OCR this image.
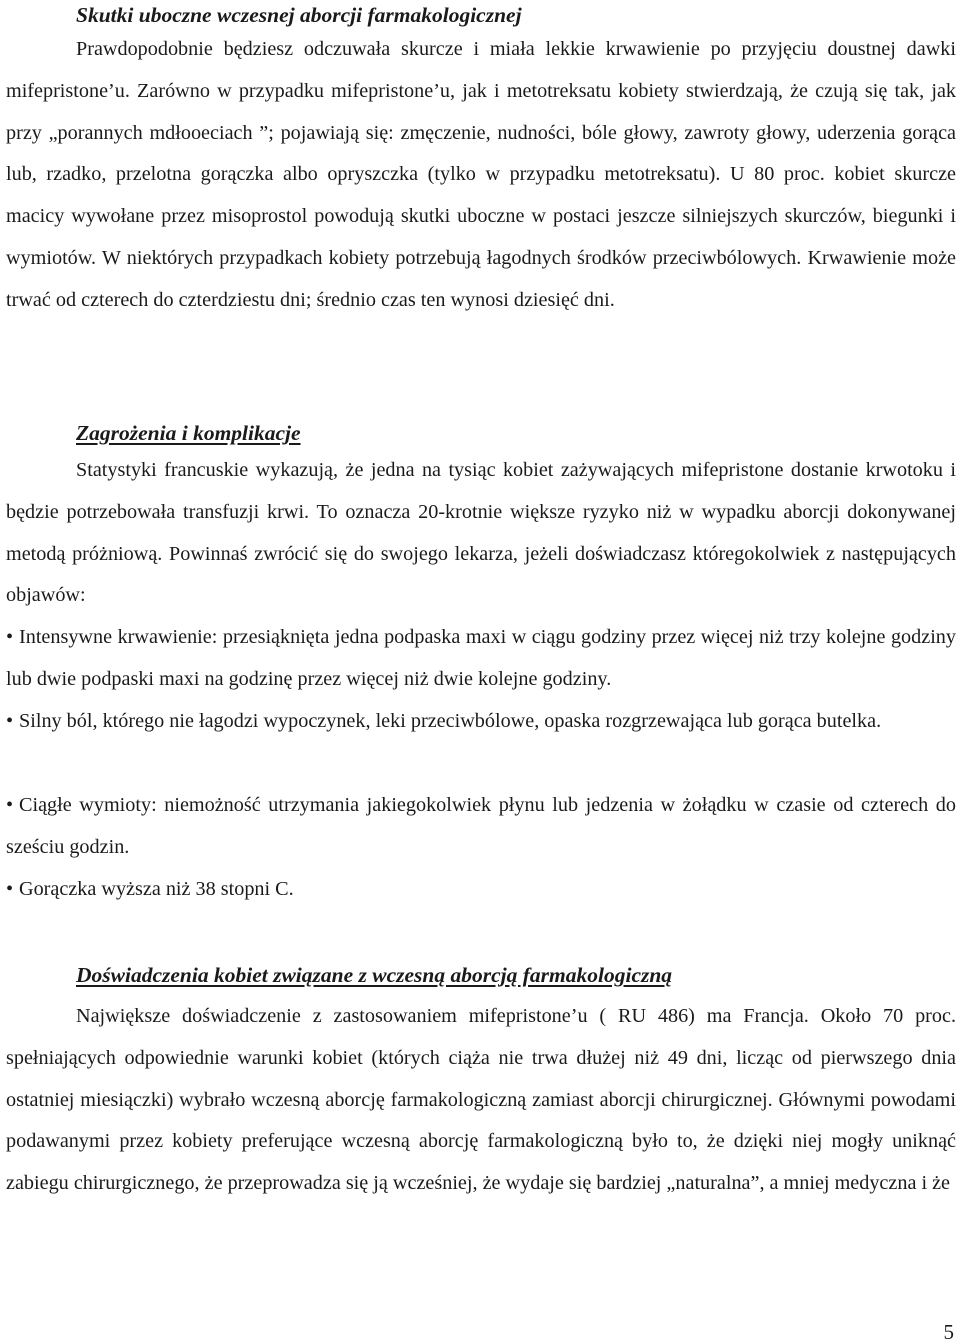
Skutki uboczne wczesnej aborcji farmakologicznej

Prawdopodobnie będziesz odczuwała skurcze i miała lekkie krwawienie po przyjęciu doustnej dawki mifepristone’u. Zarówno w przypadku mifepristone’u, jak i metotreksatu kobiety stwierdzają, że czują się tak, jak przy „porannych mdłooeciach ”; pojawiają się: zmęczenie, nudności, bóle głowy, zawroty głowy, uderzenia gorąca lub, rzadko, przelotna gorączka albo opryszczka (tylko w przypadku metotreksatu). U 80 proc. kobiet skurcze macicy wywołane przez misoprostol powodują skutki uboczne w postaci jeszcze silniejszych skurczów, biegunki i wymiotów. W niektórych przypadkach kobiety potrzebują łagodnych środków przeciwbólowych. Krwawienie może trwać od czterech do czterdziestu dni; średnio czas ten wynosi dziesięć dni.

Zagrożenia i komplikacje

Statystyki francuskie wykazują, że jedna na tysiąc kobiet zażywających mifepristone dostanie krwotoku i będzie potrzebowała transfuzji krwi. To oznacza 20-krotnie większe ryzyko niż w wypadku aborcji dokonywanej metodą próżniową. Powinnaś zwrócić się do swojego lekarza, jeżeli doświadczasz któregokolwiek z następujących objawów:

• Intensywne krwawienie: przesiąknięta jedna podpaska maxi w ciągu godziny przez więcej niż trzy kolejne godziny lub dwie podpaski maxi na godzinę przez więcej niż dwie kolejne godziny.

• Silny ból, którego nie łagodzi wypoczynek, leki przeciwbólowe, opaska rozgrzewająca lub gorąca butelka.

• Ciągłe wymioty: niemożność utrzymania jakiegokolwiek płynu lub jedzenia w żołądku w czasie od czterech do sześciu godzin.

• Gorączka wyższa niż 38 stopni C.

Doświadczenia kobiet związane z wczesną aborcją farmakologiczną

Największe doświadczenie z zastosowaniem mifepristone’u ( RU 486) ma Francja. Około 70 proc. spełniających odpowiednie warunki kobiet (których ciąża nie trwa dłużej niż 49 dni, licząc od pierwszego dnia ostatniej miesiączki) wybrało wczesną aborcję farmakologiczną zamiast aborcji chirurgicznej. Głównymi powodami podawanymi przez kobiety preferujące wczesną aborcję farmakologiczną było to, że dzięki niej mogły uniknąć zabiegu chirurgicznego, że przeprowadza się ją wcześniej, że wydaje się bardziej „naturalna”, a mniej medyczna i że

5
